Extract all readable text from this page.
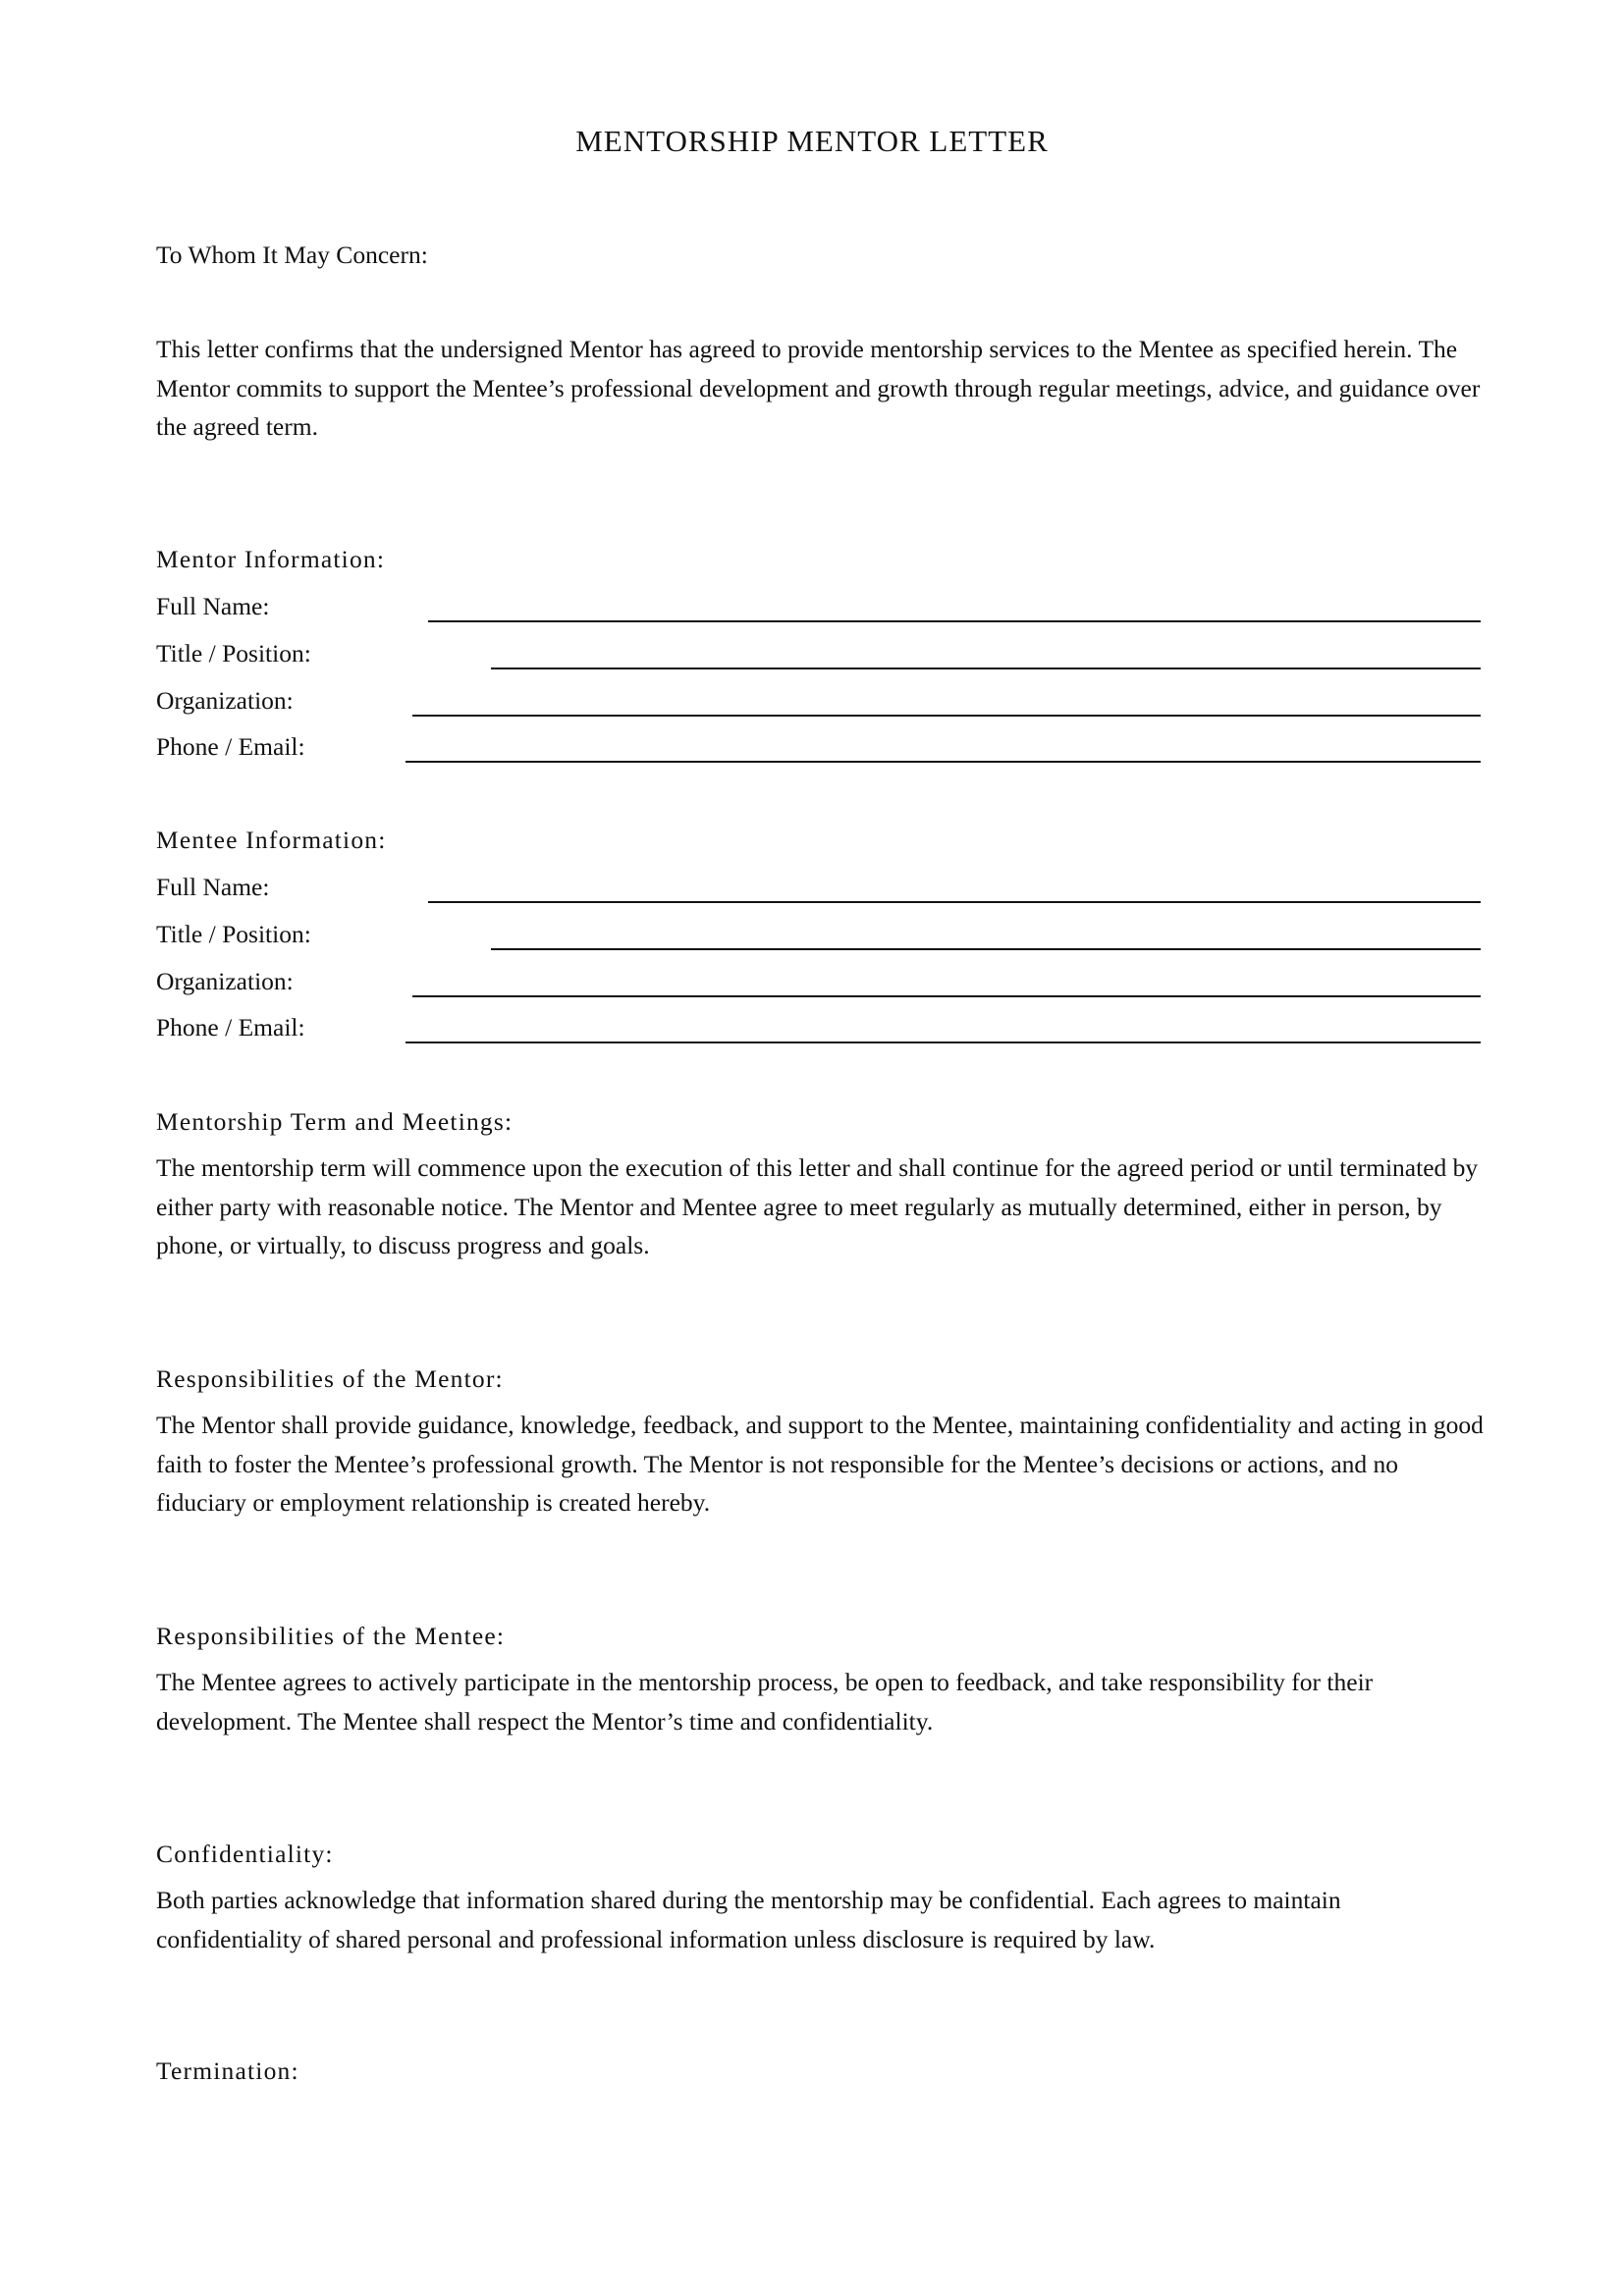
MENTORSHIP MENTOR LETTER
To Whom It May Concern:
This letter confirms that the undersigned Mentor has agreed to provide mentorship services to the Mentee as specified herein. The Mentor commits to support the Mentee’s professional development and growth through regular meetings, advice, and guidance over the agreed term.
Mentor Information:
Full Name:
Title / Position:
Organization:
Phone / Email:
Mentee Information:
Full Name:
Title / Position:
Organization:
Phone / Email:
Mentorship Term and Meetings:
The mentorship term will commence upon the execution of this letter and shall continue for the agreed period or until terminated by either party with reasonable notice. The Mentor and Mentee agree to meet regularly as mutually determined, either in person, by phone, or virtually, to discuss progress and goals.
Responsibilities of the Mentor:
The Mentor shall provide guidance, knowledge, feedback, and support to the Mentee, maintaining confidentiality and acting in good faith to foster the Mentee’s professional growth. The Mentor is not responsible for the Mentee’s decisions or actions, and no fiduciary or employment relationship is created hereby.
Responsibilities of the Mentee:
The Mentee agrees to actively participate in the mentorship process, be open to feedback, and take responsibility for their development. The Mentee shall respect the Mentor’s time and confidentiality.
Confidentiality:
Both parties acknowledge that information shared during the mentorship may be confidential. Each agrees to maintain confidentiality of shared personal and professional information unless disclosure is required by law.
Termination:
